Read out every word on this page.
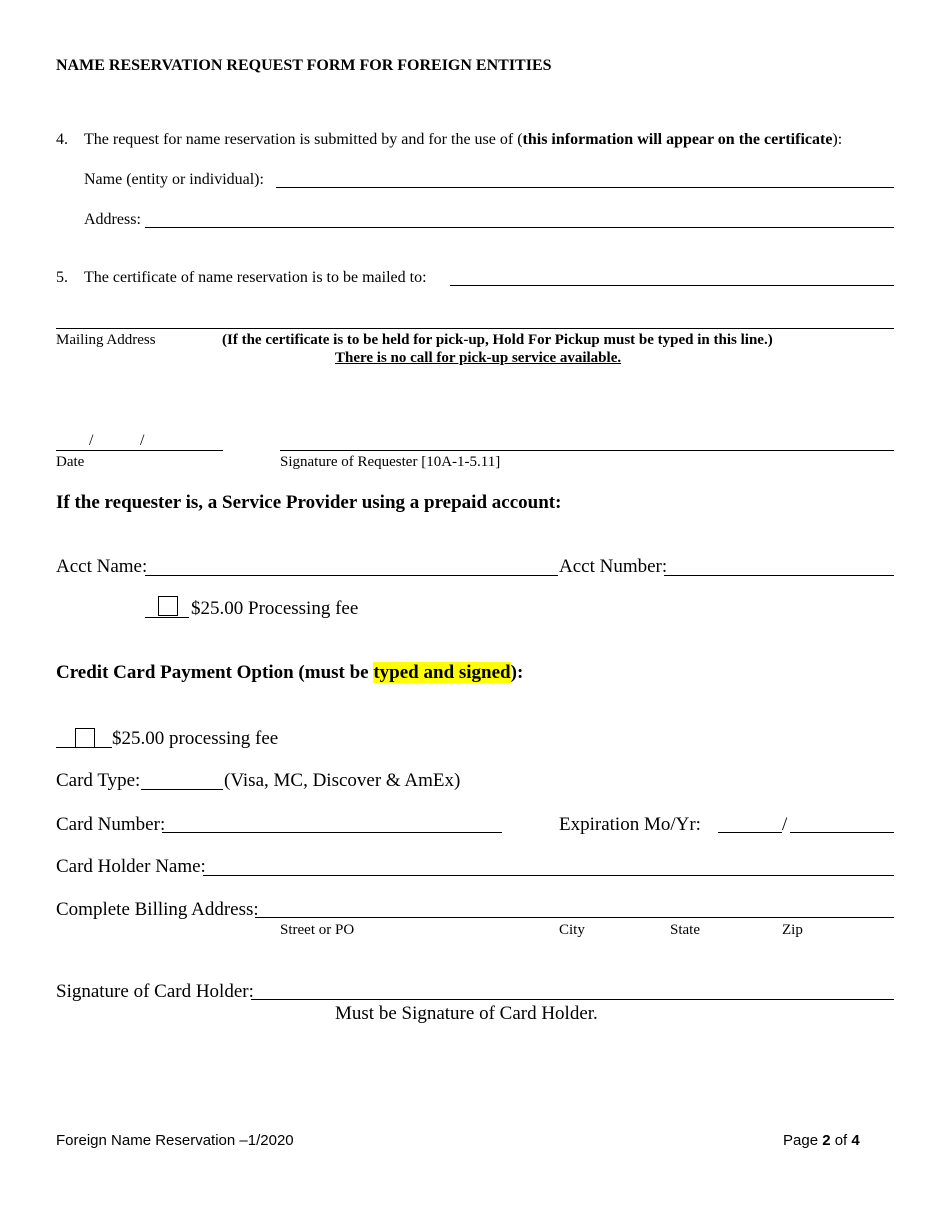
NAME RESERVATION REQUEST FORM FOR FOREIGN ENTITIES
4. The request for name reservation is submitted by and for the use of (this information will appear on the certificate):
Name (entity or individual):
Address:
5. The certificate of name reservation is to be mailed to:
Mailing Address	(If the certificate is to be held for pick-up, Hold For Pickup must be typed in this line.)
There is no call for pick-up service available.
/	/
Date	Signature of Requester [10A-1-5.11]
If the requester is, a Service Provider using a prepaid account:
Acct Name:	Acct Number:
$25.00 Processing fee
Credit Card Payment Option (must be typed and signed):
$25.00 processing fee
Card Type:	(Visa, MC, Discover & AmEx)
Card Number:	Expiration Mo/Yr:	/
Card Holder Name:
Complete Billing Address:
Street or PO	City	State	Zip
Signature of Card Holder:
Must be Signature of Card Holder.
Foreign Name Reservation –1/2020	Page 2 of 4
